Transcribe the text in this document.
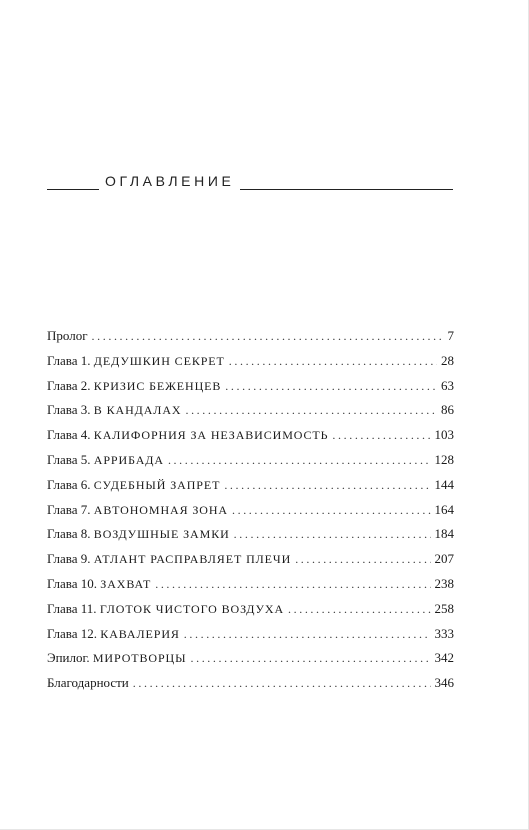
ОГЛАВЛЕНИЕ
Пролог . . .	7
Глава 1. ДЕДУШКИН СЕКРЕТ . . .	28
Глава 2. КРИЗИС БЕЖЕНЦЕВ . . .	63
Глава 3. В КАНДАЛАХ . . .	86
Глава 4. КАЛИФОРНИЯ ЗА НЕЗАВИСИМОСТЬ . . .	103
Глава 5. АРРИБАДА . . .	128
Глава 6. СУДЕБНЫЙ ЗАПРЕТ . . .	144
Глава 7. АВТОНОМНАЯ ЗОНА . . .	164
Глава 8. ВОЗДУШНЫЕ ЗАМКИ . . .	184
Глава 9. АТЛАНТ РАСПРАВЛЯЕТ ПЛЕЧИ . . .	207
Глава 10. ЗАХВАТ . . .	238
Глава 11. ГЛОТОК ЧИСТОГО ВОЗДУХА . . .	258
Глава 12. КАВАЛЕРИЯ . . .	333
Эпилог. МИРОТВОРЦЫ . . .	342
Благодарности . . .	346
